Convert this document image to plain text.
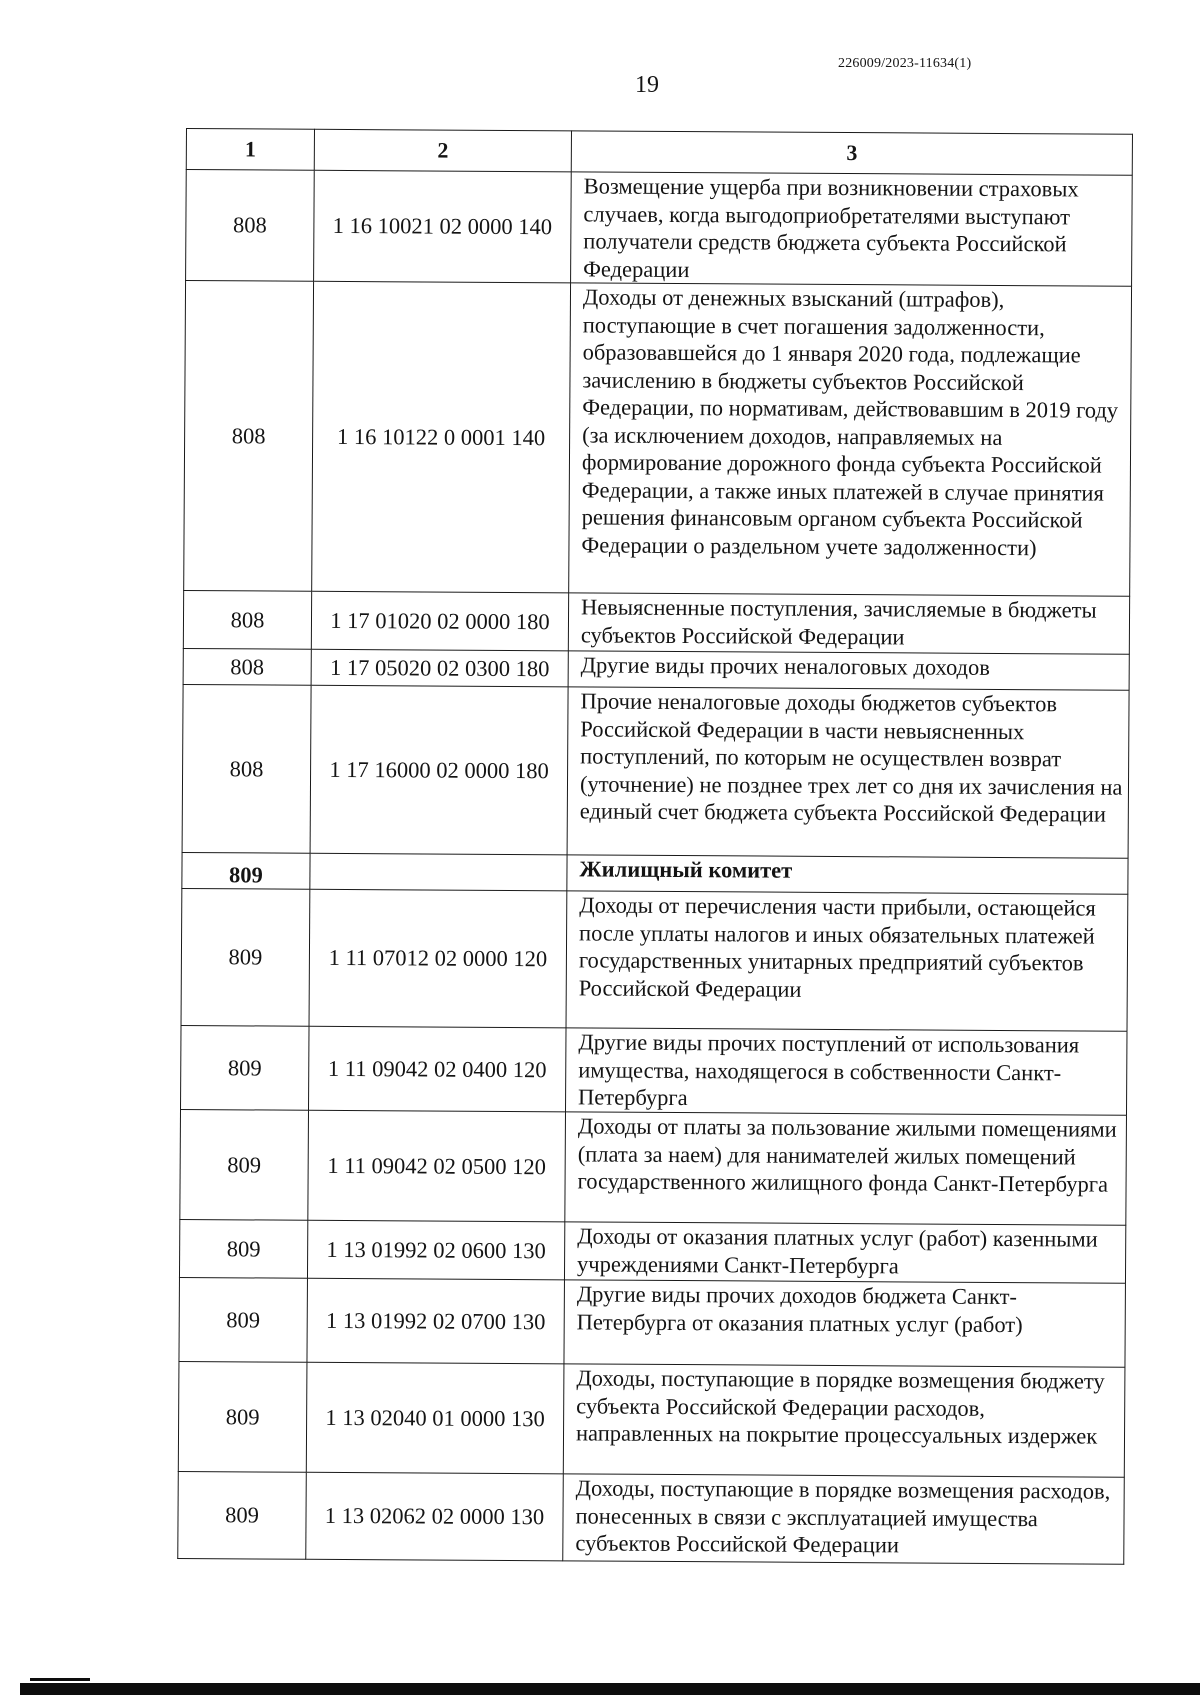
226009/2023-11634(1)
19
1	2	3
808	1 16 10021 02 0000 140	Возмещение ущерба при возникновении страховых случаев, когда выгодоприобретателями выступают получатели средств бюджета субъекта Российской Федерации
808	1 16 10122 0 0001 140	Доходы от денежных взысканий (штрафов), поступающие в счет погашения задолженности, образовавшейся до 1 января 2020 года, подлежащие зачислению в бюджеты субъектов Российской Федерации, по нормативам, действовавшим в 2019 году (за исключением доходов, направляемых на формирование дорожного фонда субъекта Российской Федерации, а также иных платежей в случае принятия решения финансовым органом субъекта Российской Федерации о раздельном учете задолженности)
808	1 17 01020 02 0000 180	Невыясненные поступления, зачисляемые в бюджеты субъектов Российской Федерации
808	1 17 05020 02 0300 180	Другие виды прочих неналоговых доходов
808	1 17 16000 02 0000 180	Прочие неналоговые доходы бюджетов субъектов Российской Федерации в части невыясненных поступлений, по которым не осуществлен возврат (уточнение) не позднее трех лет со дня их зачисления на единый счет бюджета субъекта Российской Федерации
809		Жилищный комитет
809	1 11 07012 02 0000 120	Доходы от перечисления части прибыли, остающейся после уплаты налогов и иных обязательных платежей государственных унитарных предприятий субъектов Российской Федерации
809	1 11 09042 02 0400 120	Другие виды прочих поступлений от использования имущества, находящегося в собственности Санкт-Петербурга
809	1 11 09042 02 0500 120	Доходы от платы за пользование жилыми помещениями (плата за наем) для нанимателей жилых помещений государственного жилищного фонда Санкт-Петербурга
809	1 13 01992 02 0600 130	Доходы от оказания платных услуг (работ) казенными учреждениями Санкт-Петербурга
809	1 13 01992 02 0700 130	Другие виды прочих доходов бюджета Санкт-Петербурга от оказания платных услуг (работ)
809	1 13 02040 01 0000 130	Доходы, поступающие в порядке возмещения бюджету субъекта Российской Федерации расходов, направленных на покрытие процессуальных издержек
809	1 13 02062 02 0000 130	Доходы, поступающие в порядке возмещения расходов, понесенных в связи с эксплуатацией имущества субъектов Российской Федерации
